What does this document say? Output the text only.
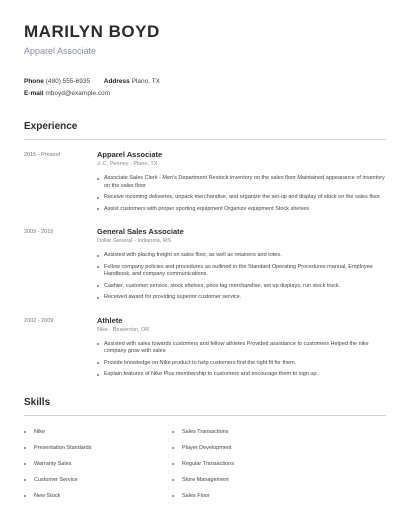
MARILYN BOYD
Apparel Associate
Phone (480) 555-6935 Address Plano, TX
E-mail mboyd@example.com
Experience
2015 - Present	Apparel Associate
J. C. Penney - Plano, TX
Associate Sales Clerk - Men's Department Restock inventory on the sales floor Maintained appearance of inventory on the sales floor
Receive incoming deliveries, unpack merchandise, and organize the set-up and display of stock on the sales floor.
Assist customers with proper sporting equipment Organize equipment Stock shelves
2009 - 2015	General Sales Associate
Dollar General - Indianola, MS
Assisted with placing freight on sales floor, as well as retainers and totes.
Follow company policies and procedures as outlined in the Standard Operating Procedures manual, Employee Handbook, and company communications.
Cashier, customer service, stock shelves, price tag merchandise, set up displays, run stock truck.
Received award for providing superior customer service.
2002 - 2009	Athlete
Nike - Beaverton, OR
Assisted with sales towards customers and fellow athletes Provided assistance to customers Helped the nike company grow with sales
Provide knowledge on Nike product to help customers find the right fit for them.
Explain features of Nike Plus membership to customers and encourage them to sign up.
Skills
Nike	Sales Transactions
Presentation Standards	Player Development
Warranty Sales	Regular Transactions
Customer Service	Store Management
New Stock	Sales Floor
